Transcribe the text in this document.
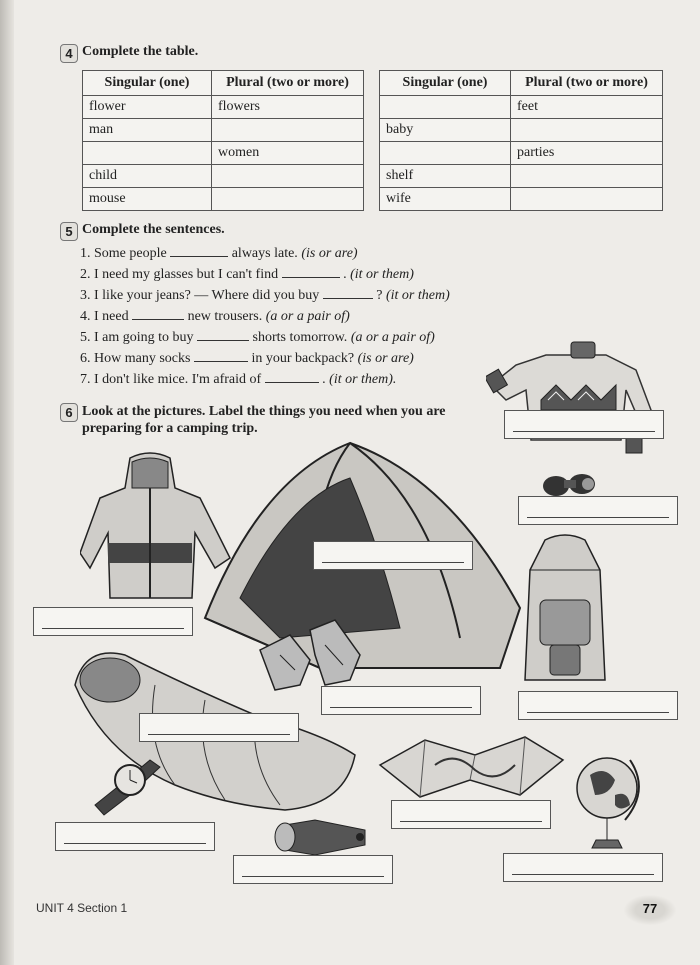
4 Complete the table.
Singular (one)	Plural (two or more)
flower	flowers
man	
	women
child	
mouse	
Singular (one)	Plural (two or more)
	feet
baby	
	parties
shelf	
wife	
5 Complete the sentences.
1. Some people	always late. (is or are)
2. I need my glasses but I can't find	. (it or them)
3. I like your jeans? — Where did you buy	? (it or them)
4. I need	new trousers. (a or a pair of)
5. I am going to buy	shorts tomorrow. (a or a pair of)
6. How many socks	in your backpack? (is or are)
7. I don't like mice. I'm afraid of	. (it or them).
6 Look at the pictures. Label the things you need when you are
preparing for a camping trip.
UNIT 4 Section 1	77
